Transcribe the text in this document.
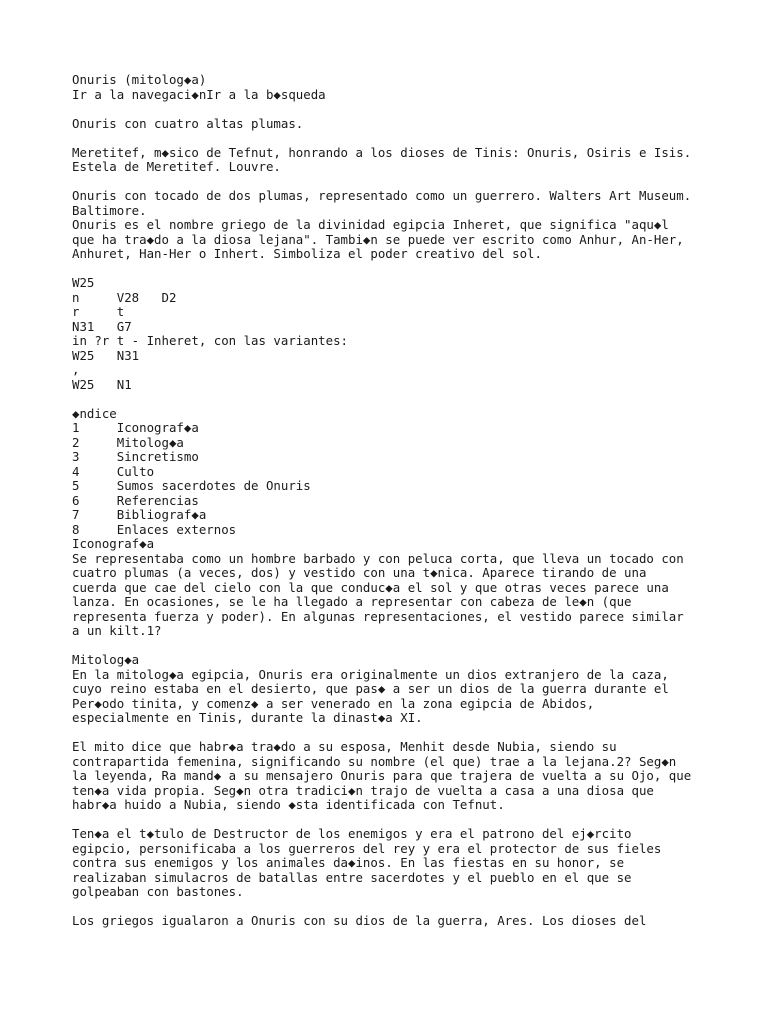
Onuris (mitolog◆a)
Ir a la navegaci◆nIr a la b◆squeda
Onuris con cuatro altas plumas.
Meretitef, m◆sico de Tefnut, honrando a los dioses de Tinis: Onuris, Osiris e Isis.
Estela de Meretitef. Louvre.
Onuris con tocado de dos plumas, representado como un guerrero. Walters Art Museum.
Baltimore.
Onuris es el nombre griego de la divinidad egipcia Inheret, que significa "aqu◆l
que ha tra◆do a la diosa lejana". Tambi◆n se puede ver escrito como Anhur, An-Her,
Anhuret, Han-Her o Inhert. Simboliza el poder creativo del sol.
W25
n     V28   D2
r     t
N31   G7
in ?r t - Inheret, con las variantes:
W25   N31
,
W25   N1
◆ndice
1     Iconograf◆a
2     Mitolog◆a
3     Sincretismo
4     Culto
5     Sumos sacerdotes de Onuris
6     Referencias
7     Bibliograf◆a
8     Enlaces externos
Iconograf◆a
Se representaba como un hombre barbado y con peluca corta, que lleva un tocado con
cuatro plumas (a veces, dos) y vestido con una t◆nica. Aparece tirando de una
cuerda que cae del cielo con la que conduc◆a el sol y que otras veces parece una
lanza. En ocasiones, se le ha llegado a representar con cabeza de le◆n (que
representa fuerza y poder). En algunas representaciones, el vestido parece similar
a un kilt.1?
Mitolog◆a
En la mitolog◆a egipcia, Onuris era originalmente un dios extranjero de la caza,
cuyo reino estaba en el desierto, que pas◆ a ser un dios de la guerra durante el
Per◆odo tinita, y comenz◆ a ser venerado en la zona egipcia de Abidos,
especialmente en Tinis, durante la dinast◆a XI.
El mito dice que habr◆a tra◆do a su esposa, Menhit desde Nubia, siendo su
contrapartida femenina, significando su nombre (el que) trae a la lejana.2? Seg◆n
la leyenda, Ra mand◆ a su mensajero Onuris para que trajera de vuelta a su Ojo, que
ten◆a vida propia. Seg◆n otra tradici◆n trajo de vuelta a casa a una diosa que
habr◆a huido a Nubia, siendo ◆sta identificada con Tefnut.
Ten◆a el t◆tulo de Destructor de los enemigos y era el patrono del ej◆rcito
egipcio, personificaba a los guerreros del rey y era el protector de sus fieles
contra sus enemigos y los animales da◆inos. En las fiestas en su honor, se
realizaban simulacros de batallas entre sacerdotes y el pueblo en el que se
golpeaban con bastones.
Los griegos igualaron a Onuris con su dios de la guerra, Ares. Los dioses del
